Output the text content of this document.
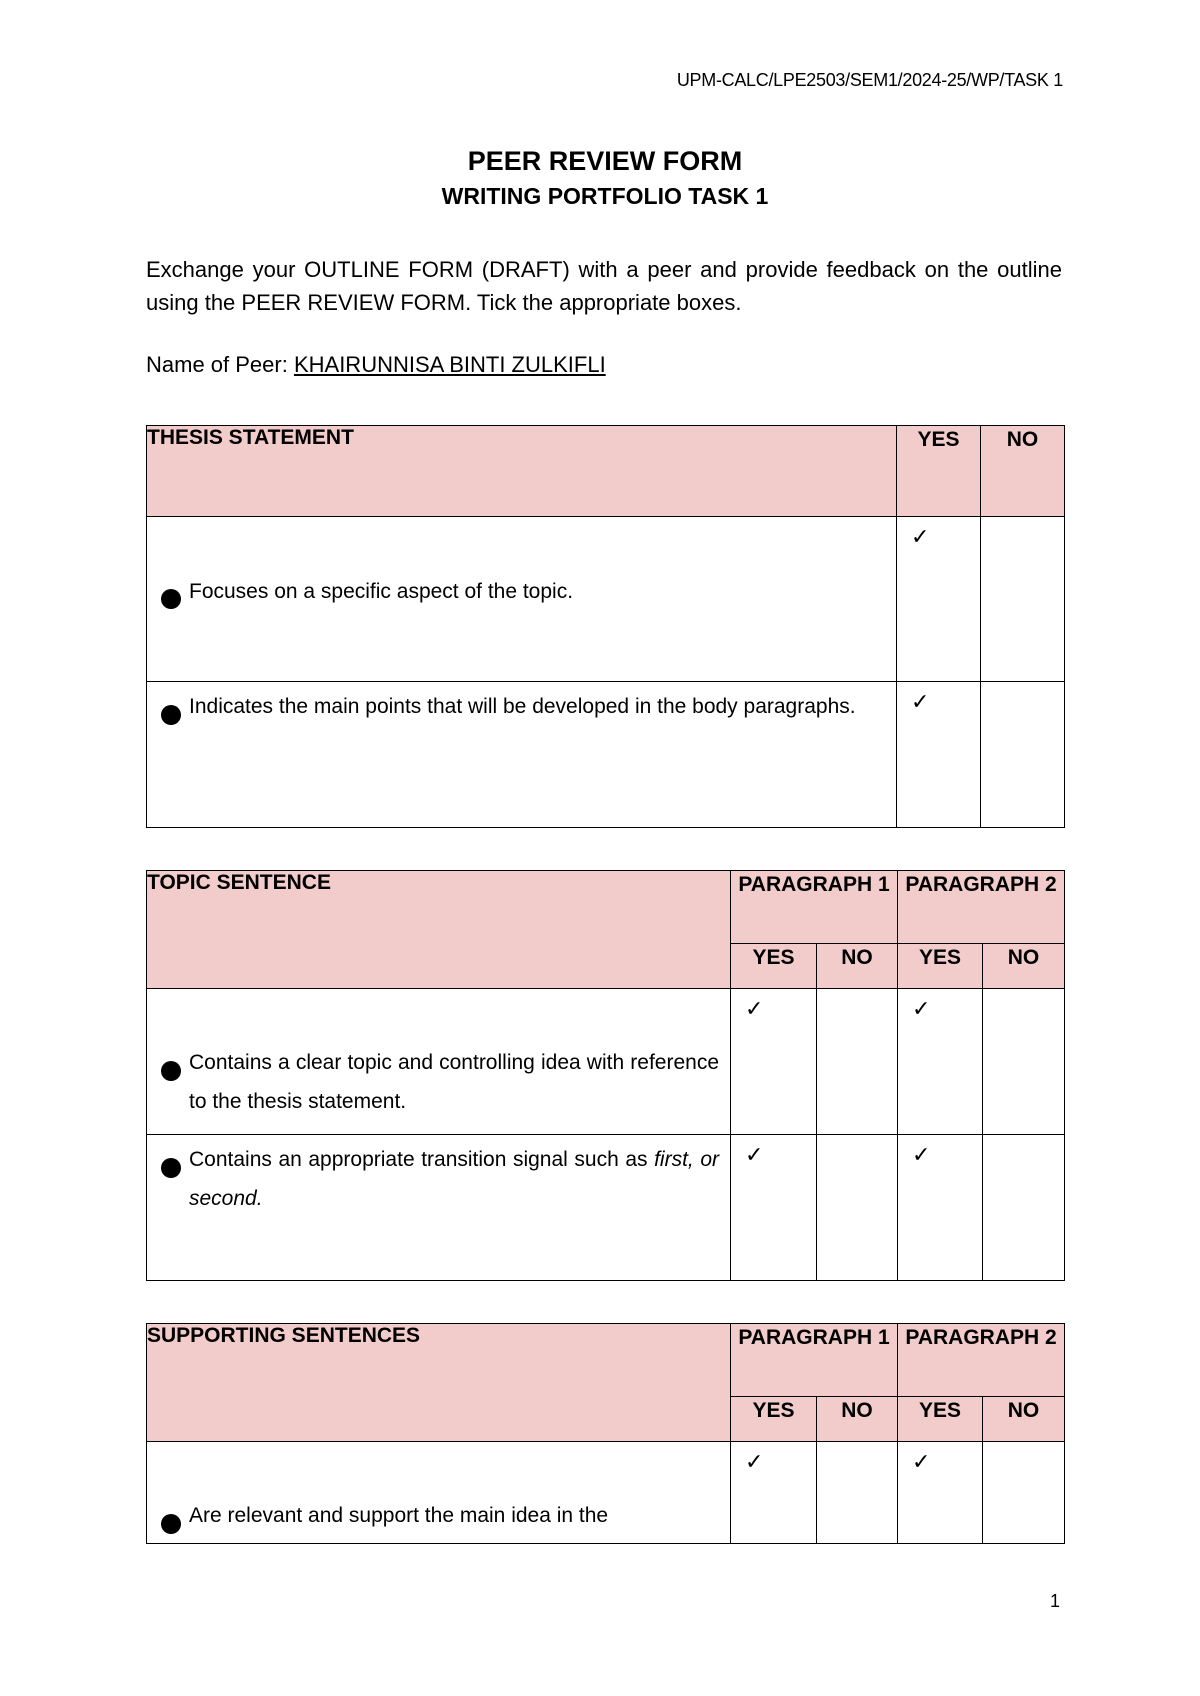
UPM-CALC/LPE2503/SEM1/2024-25/WP/TASK 1
PEER REVIEW FORM
WRITING PORTFOLIO TASK 1
Exchange your OUTLINE FORM (DRAFT) with a peer and provide feedback on the outline using the PEER REVIEW FORM. Tick the appropriate boxes.
Name of Peer: KHAIRUNNISA BINTI ZULKIFLI
THESIS STATEMENT	YES	NO

Focuses on a specific aspect of the topic.	✓	

Indicates the main points that will be developed in the body paragraphs.	✓	

TOPIC SENTENCE	PARAGRAPH 1		PARAGRAPH 2	
	YES	NO	YES	NO

Contains a clear topic and controlling idea with reference to the thesis statement.	✓		✓	

Contains an appropriate transition signal such as first, or second.	✓		✓	

SUPPORTING SENTENCES	PARAGRAPH 1		PARAGRAPH 2	
	YES	NO	YES	NO

Are relevant and support the main idea in the	✓		✓	

1
